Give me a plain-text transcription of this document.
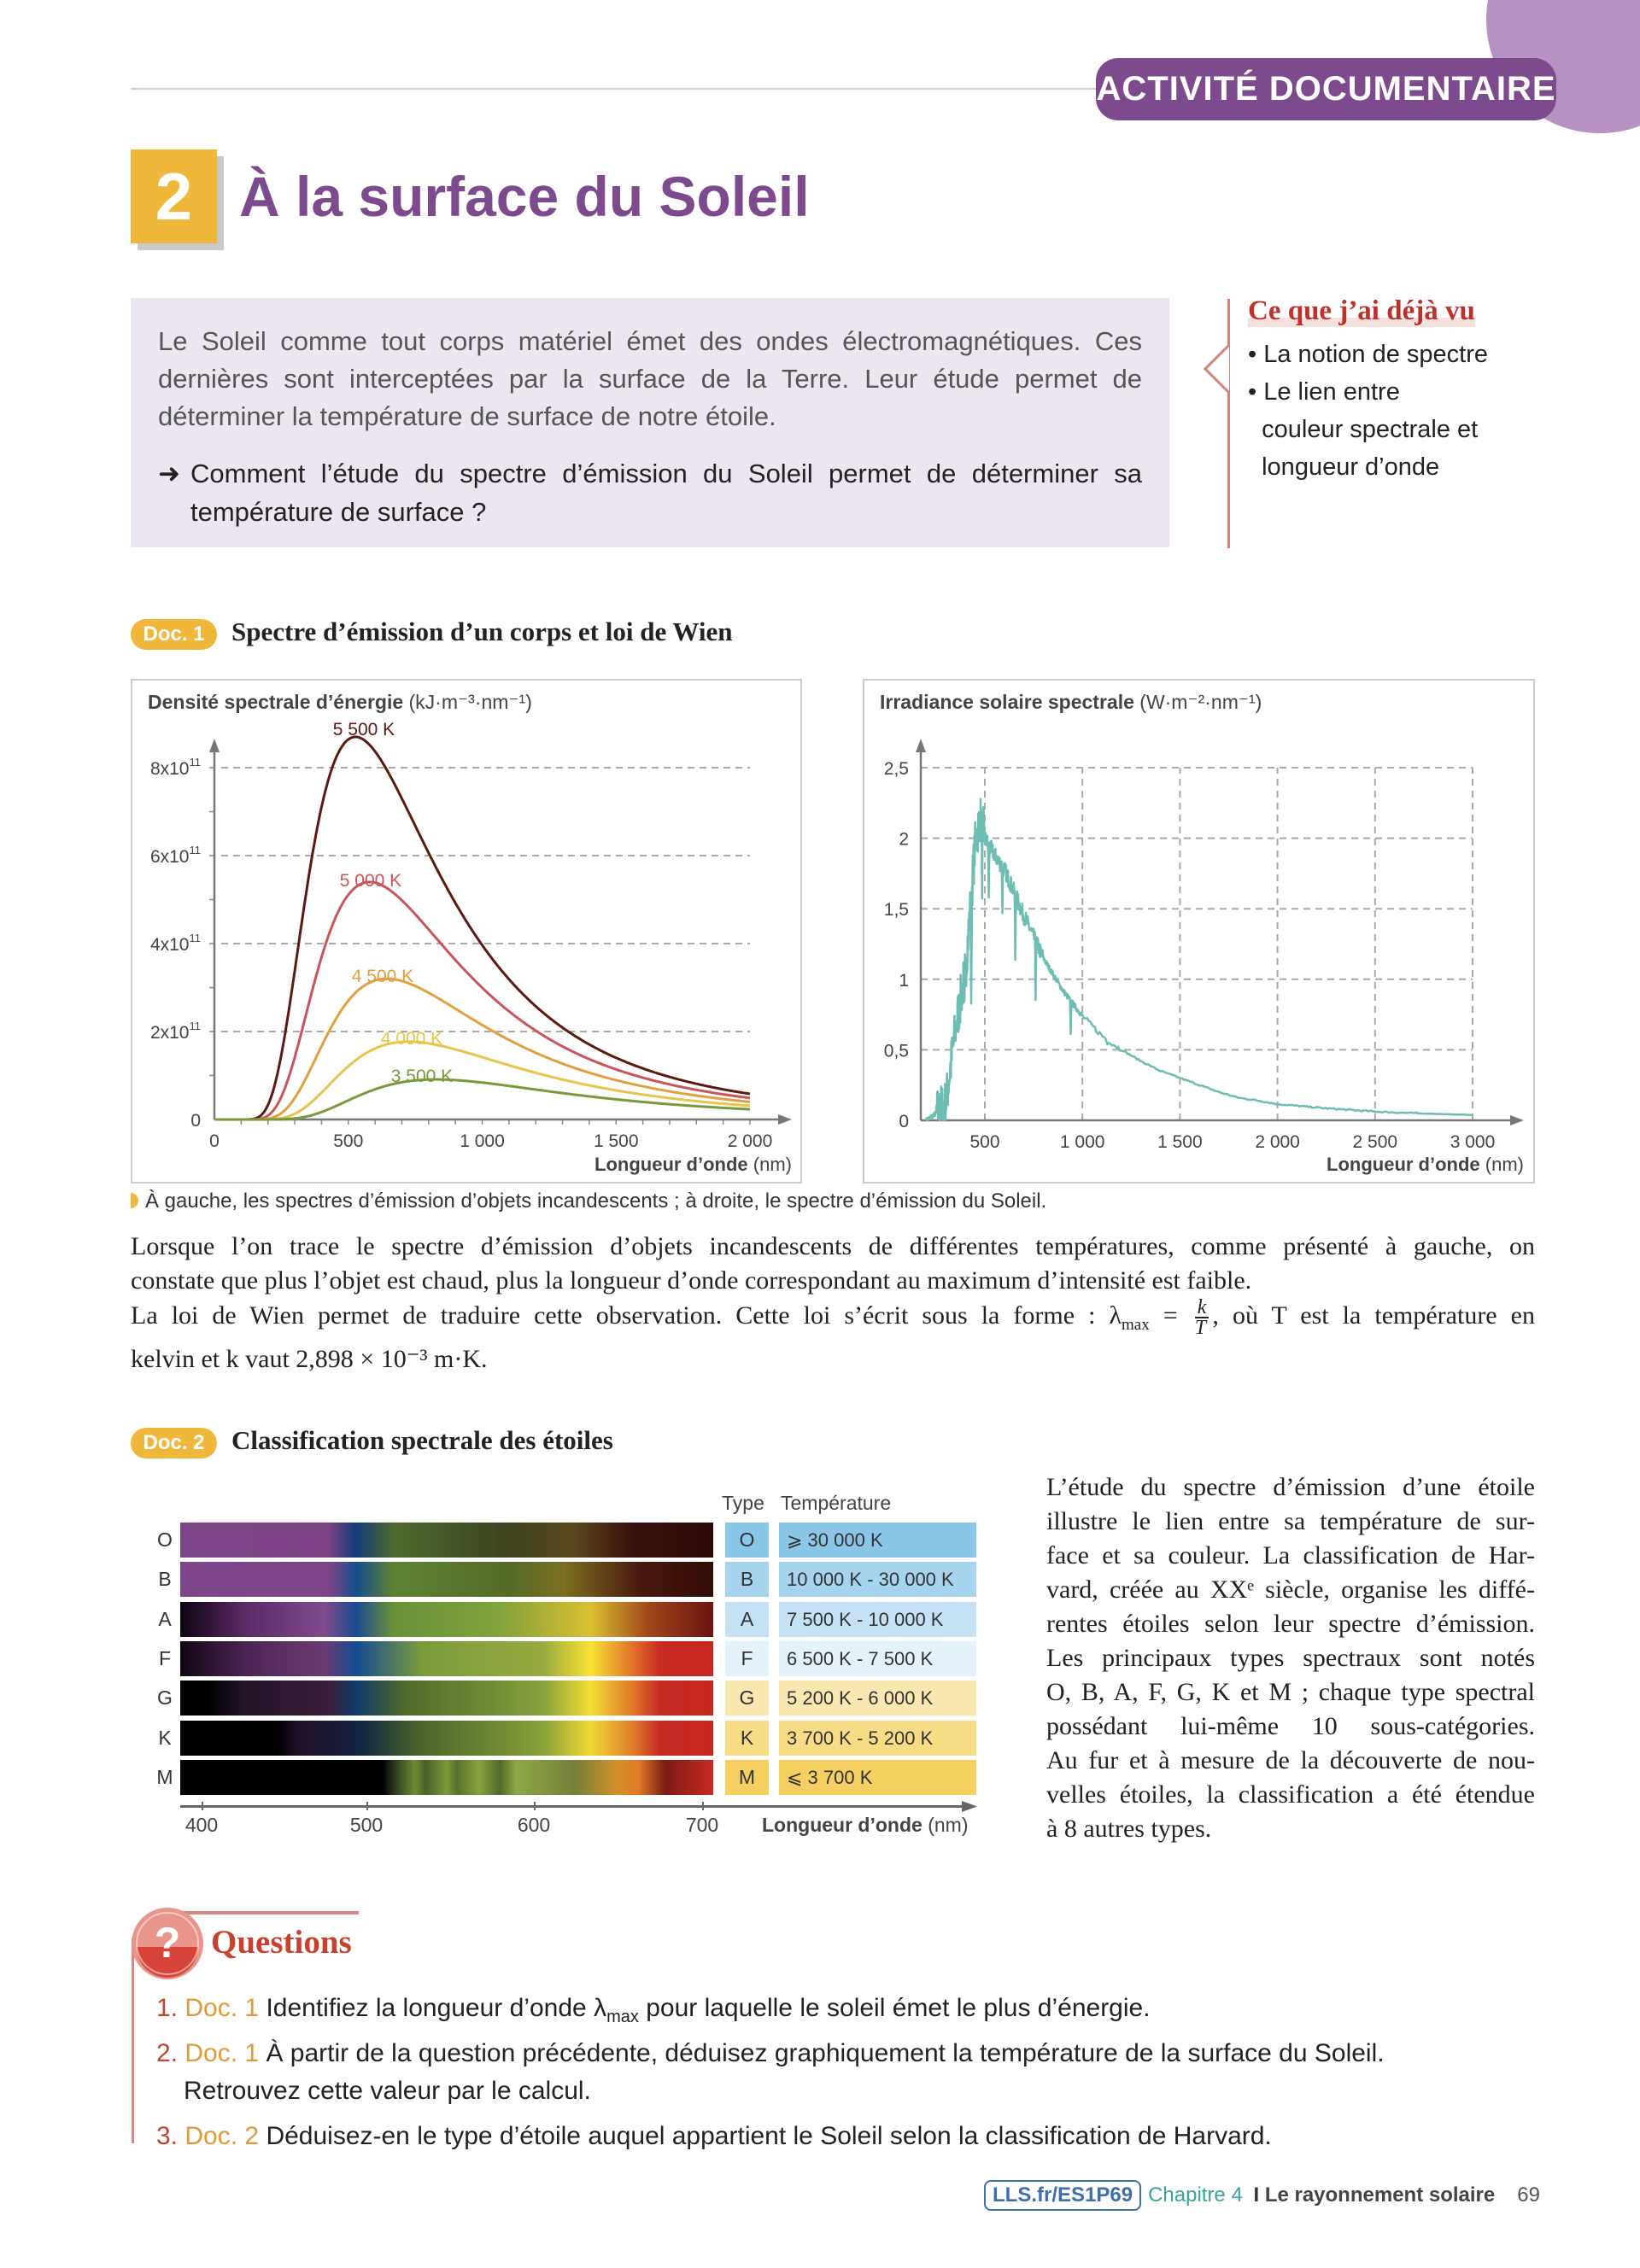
ACTIVITÉ DOCUMENTAIRE
2 À la surface du Soleil
Le Soleil comme tout corps matériel émet des ondes électromagnétiques. Ces
dernières sont interceptées par la surface de la Terre. Leur étude permet de
déterminer la température de surface de notre étoile.
➜ Comment l’étude du spectre d’émission du Soleil permet de déterminer sa
température de surface ?
Ce que j’ai déjà vu
• La notion de spectre
• Le lien entre
couleur spectrale et
longueur d’onde
Doc. 1	Spectre d’émission d’un corps et loi de Wien
Densité spectrale d’énergie (kJ·m⁻³·nm⁻¹)
0
$2x10^{11}$
$4x10^{11}$
$6x10^{11}$
$8x10^{11}$
0	500	1 000	1 500	2 000
Longueur d’onde (nm)
5 500 K
5 000 K
4 500 K
4 000 K
3 500 K
Irradiance solaire spectrale (W·m⁻²·nm⁻¹)
0
0,5
1
1,5
2
2,5
500	1 000	1 500	2 000	2 500	3 000
Longueur d’onde (nm)
À gauche, les spectres d’émission d’objets incandescents ; à droite, le spectre d’émission du Soleil.
Lorsque l’on trace le spectre d’émission d’objets incandescents de différentes températures, comme présenté à gauche, on
constate que plus l’objet est chaud, plus la longueur d’onde correspondant au maximum d’intensité est faible.
La loi de Wien permet de traduire cette observation. Cette loi s’écrit sous la forme : $\lambda_{max} = \frac{k}{T}$ , où T est la température en
kelvin et k vaut 2,898 × 10⁻³ m·K.
Doc. 2	Classification spectrale des étoiles
Type Température
O	O	⩾ 30 000 K
B	B	10 000 K - 30 000 K
A	A	7 500 K - 10 000 K
F	F	6 500 K - 7 500 K
G	G	5 200 K - 6 000 K
K	K	3 700 K - 5 200 K
M	M	⩽ 3 700 K
400	500	600	700	Longueur d’onde (nm)
L’étude du spectre d’émission d’une étoile
illustre le lien entre sa température de sur-
face et sa couleur. La classification de Har-
vard, créée au XXᵉ siècle, organise les diffé-
rentes étoiles selon leur spectre d’émission.
Les principaux types spectraux sont notés
O, B, A, F, G, K et M ; chaque type spectral
possédant lui-même 10 sous-catégories.
Au fur et à mesure de la découverte de nou-
velles étoiles, la classification a été étendue
à 8 autres types.
? Questions
1. Doc. 1 Identifiez la longueur d’onde $\lambda_{max}$ pour laquelle le soleil émet le plus d’énergie.
2. Doc. 1 À partir de la question précédente, déduisez graphiquement la température de la surface du Soleil.
Retrouvez cette valeur par le calcul.
3. Doc. 2 Déduisez-en le type d’étoile auquel appartient le Soleil selon la classification de Harvard.
LLS.fr/ES1P69 Chapitre 4 I Le rayonnement solaire 69
